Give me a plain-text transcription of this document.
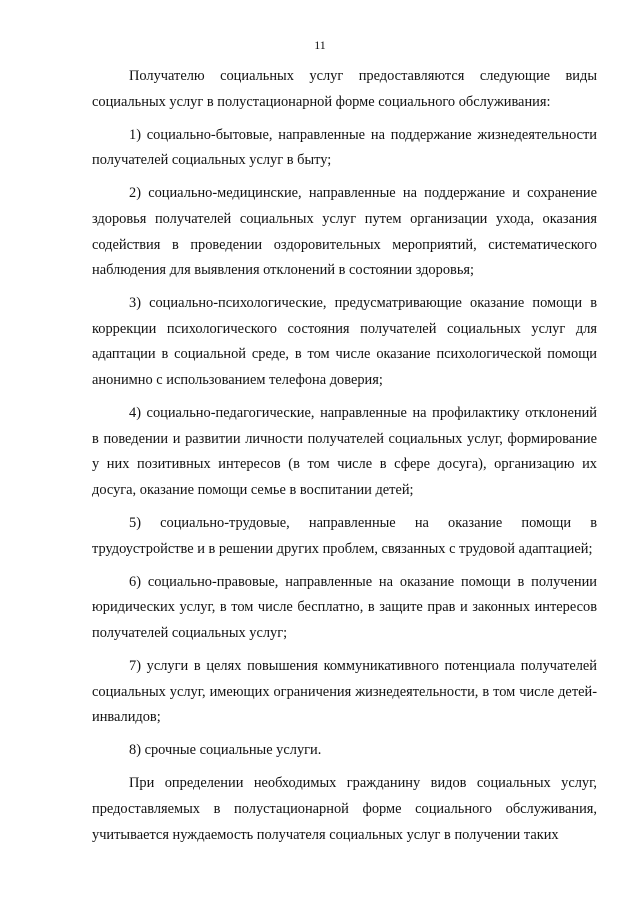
11

Получателю социальных услуг предоставляются следующие виды социальных услуг в полустационарной форме социального обслуживания:

1) социально-бытовые, направленные на поддержание жизнедеятельности получателей социальных услуг в быту;

2) социально-медицинские, направленные на поддержание и сохранение здоровья получателей социальных услуг путем организации ухода, оказания содействия в проведении оздоровительных мероприятий, систематического наблюдения для выявления отклонений в состоянии здоровья;

3) социально-психологические, предусматривающие оказание помощи в коррекции психологического состояния получателей социальных услуг для адаптации в социальной среде, в том числе оказание психологической помощи анонимно с использованием телефона доверия;

4) социально-педагогические, направленные на профилактику отклонений в поведении и развитии личности получателей социальных услуг, формирование у них позитивных интересов (в том числе в сфере досуга), организацию их досуга, оказание помощи семье в воспитании детей;

5) социально-трудовые, направленные на оказание помощи в трудоустройстве и в решении других проблем, связанных с трудовой адаптацией;

6) социально-правовые, направленные на оказание помощи в получении юридических услуг, в том числе бесплатно, в защите прав и законных интересов получателей социальных услуг;

7) услуги в целях повышения коммуникативного потенциала получателей социальных услуг, имеющих ограничения жизнедеятельности, в том числе детей-инвалидов;

8) срочные социальные услуги.

При определении необходимых гражданину видов социальных услуг, предоставляемых в полустационарной форме социального обслуживания, учитывается нуждаемость получателя социальных услуг в получении таких
